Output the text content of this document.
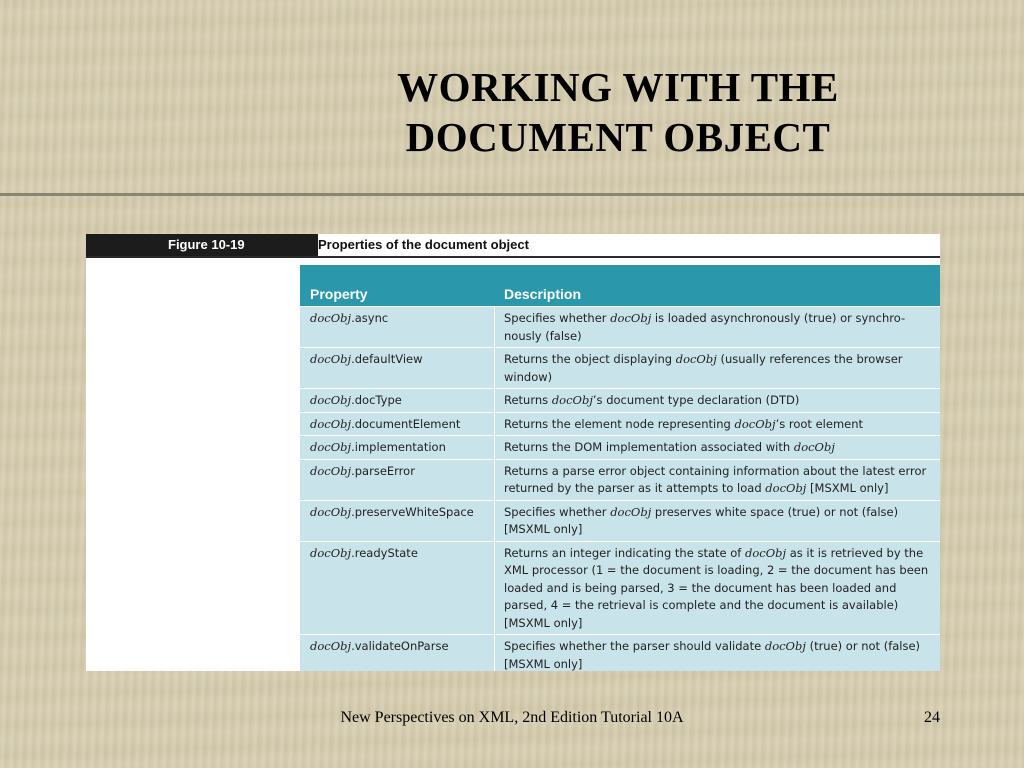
WORKING WITH THE
DOCUMENT OBJECT
Figure 10-19	Properties of the document object
Property	Description
docObj.async	Specifies whether docObj is loaded asynchronously (true) or synchro-nously (false)
docObj.defaultView	Returns the object displaying docObj (usually references the browser window)
docObj.docType	Returns docObj’s document type declaration (DTD)
docObj.documentElement	Returns the element node representing docObj’s root element
docObj.implementation	Returns the DOM implementation associated with docObj
docObj.parseError	Returns a parse error object containing information about the latest error returned by the parser as it attempts to load docObj [MSXML only]
docObj.preserveWhiteSpace	Specifies whether docObj preserves white space (true) or not (false) [MSXML only]
docObj.readyState	Returns an integer indicating the state of docObj as it is retrieved by the XML processor (1 = the document is loading, 2 = the document has been loaded and is being parsed, 3 = the document has been loaded and parsed, 4 = the retrieval is complete and the document is available) [MSXML only]
docObj.validateOnParse	Specifies whether the parser should validate docObj (true) or not (false) [MSXML only]
New Perspectives on XML, 2nd Edition Tutorial 10A	24
